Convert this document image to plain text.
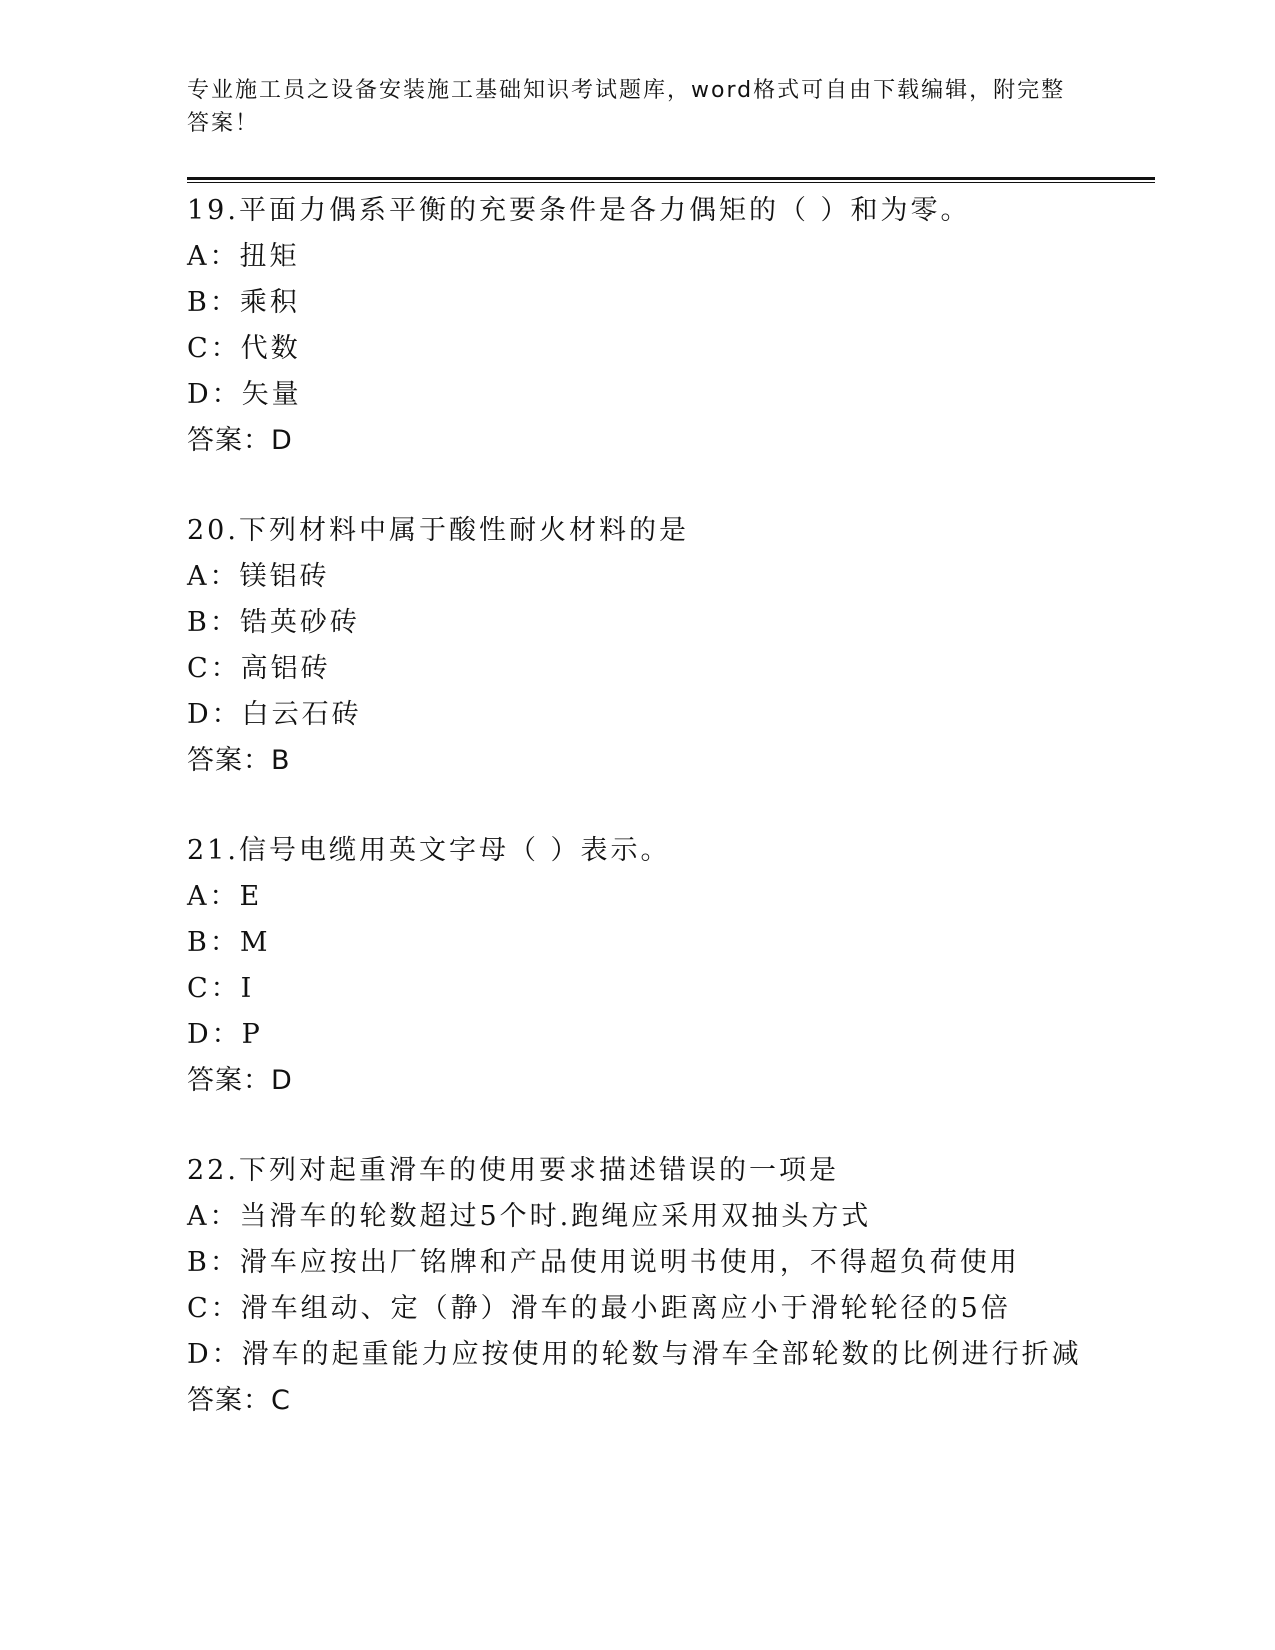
专业施工员之设备安装施工基础知识考试题库，word格式可自由下载编辑，附完整答案！
19.平面力偶系平衡的充要条件是各力偶矩的（ ）和为零。
A：扭矩
B：乘积
C：代数
D：矢量
答案：D
20.下列材料中属于酸性耐火材料的是
A：镁铝砖
B：锆英砂砖
C：高铝砖
D：白云石砖
答案：B
21.信号电缆用英文字母（ ）表示。
A：E
B：M
C：I
D：P
答案：D
22.下列对起重滑车的使用要求描述错误的一项是
A：当滑车的轮数超过5个时.跑绳应采用双抽头方式
B：滑车应按出厂铭牌和产品使用说明书使用，不得超负荷使用
C：滑车组动、定（静）滑车的最小距离应小于滑轮轮径的5倍
D：滑车的起重能力应按使用的轮数与滑车全部轮数的比例进行折减
答案：C
